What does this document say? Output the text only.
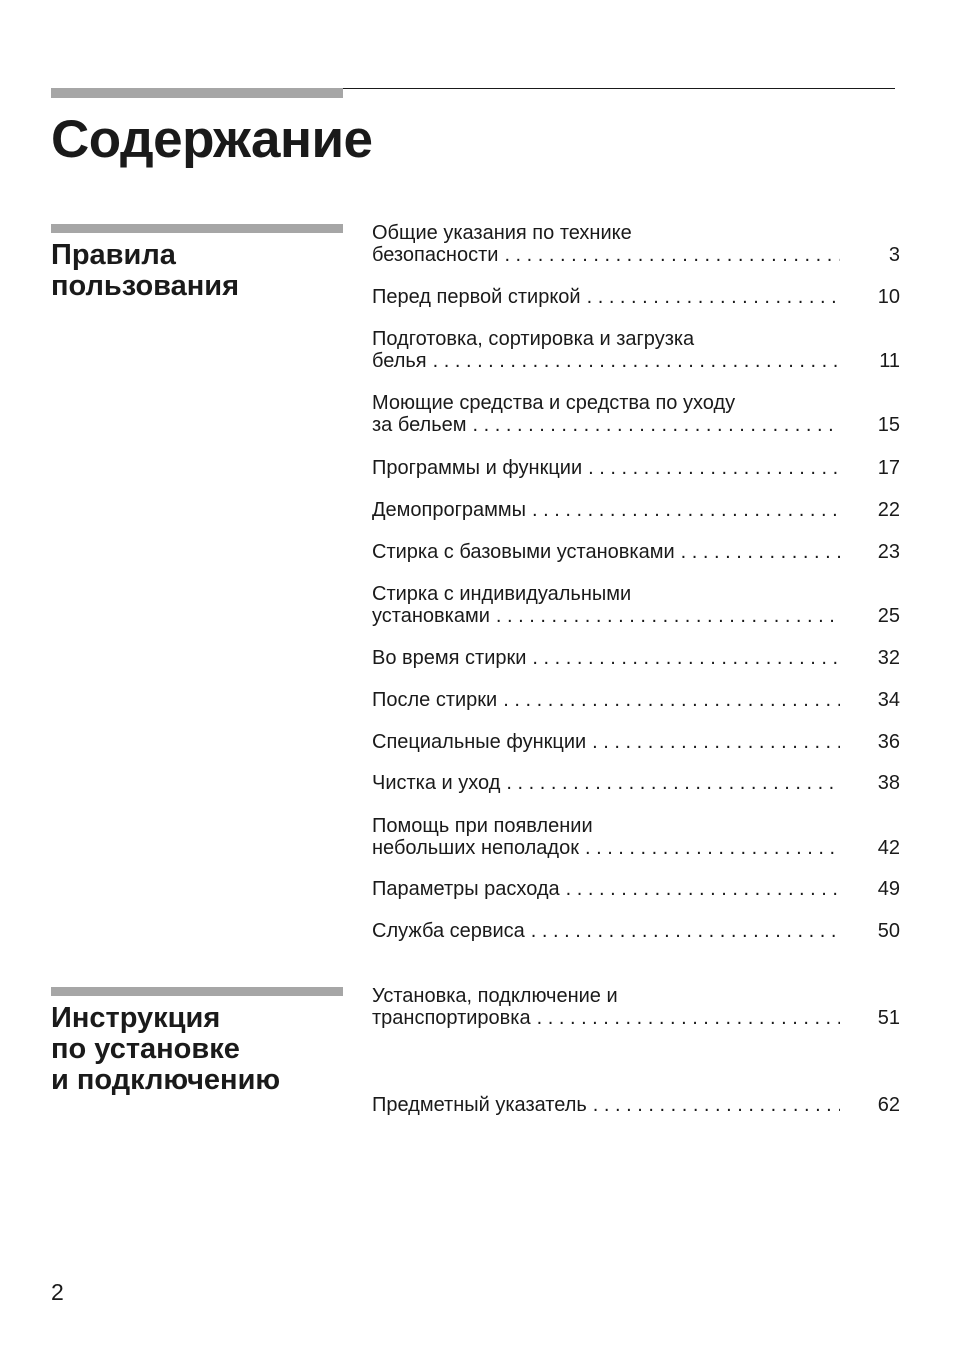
Содержание
Правила
пользования
Общие указания по технике
безопасности . . .	3
Перед первой стиркой . . .	10
Подготовка, сортировка и загрузка
белья . . .	11
Моющие средства и средства по уходу
за бельем . . .	15
Программы и функции . . .	17
Демопрограммы . . .	22
Стирка с базовыми установками . . .	23
Стирка с индивидуальными
установками . . .	25
Во время стирки . . .	32
После стирки . . .	34
Специальные функции . . .	36
Чистка и уход . . .	38
Помощь при появлении
небольших неполадок . . .	42
Параметры расхода . . .	49
Служба сервиса . . .	50
Инструкция
по установке
и подключению
Установка, подключение и
транспортировка . . .	51
Предметный указатель . . .	62

2
